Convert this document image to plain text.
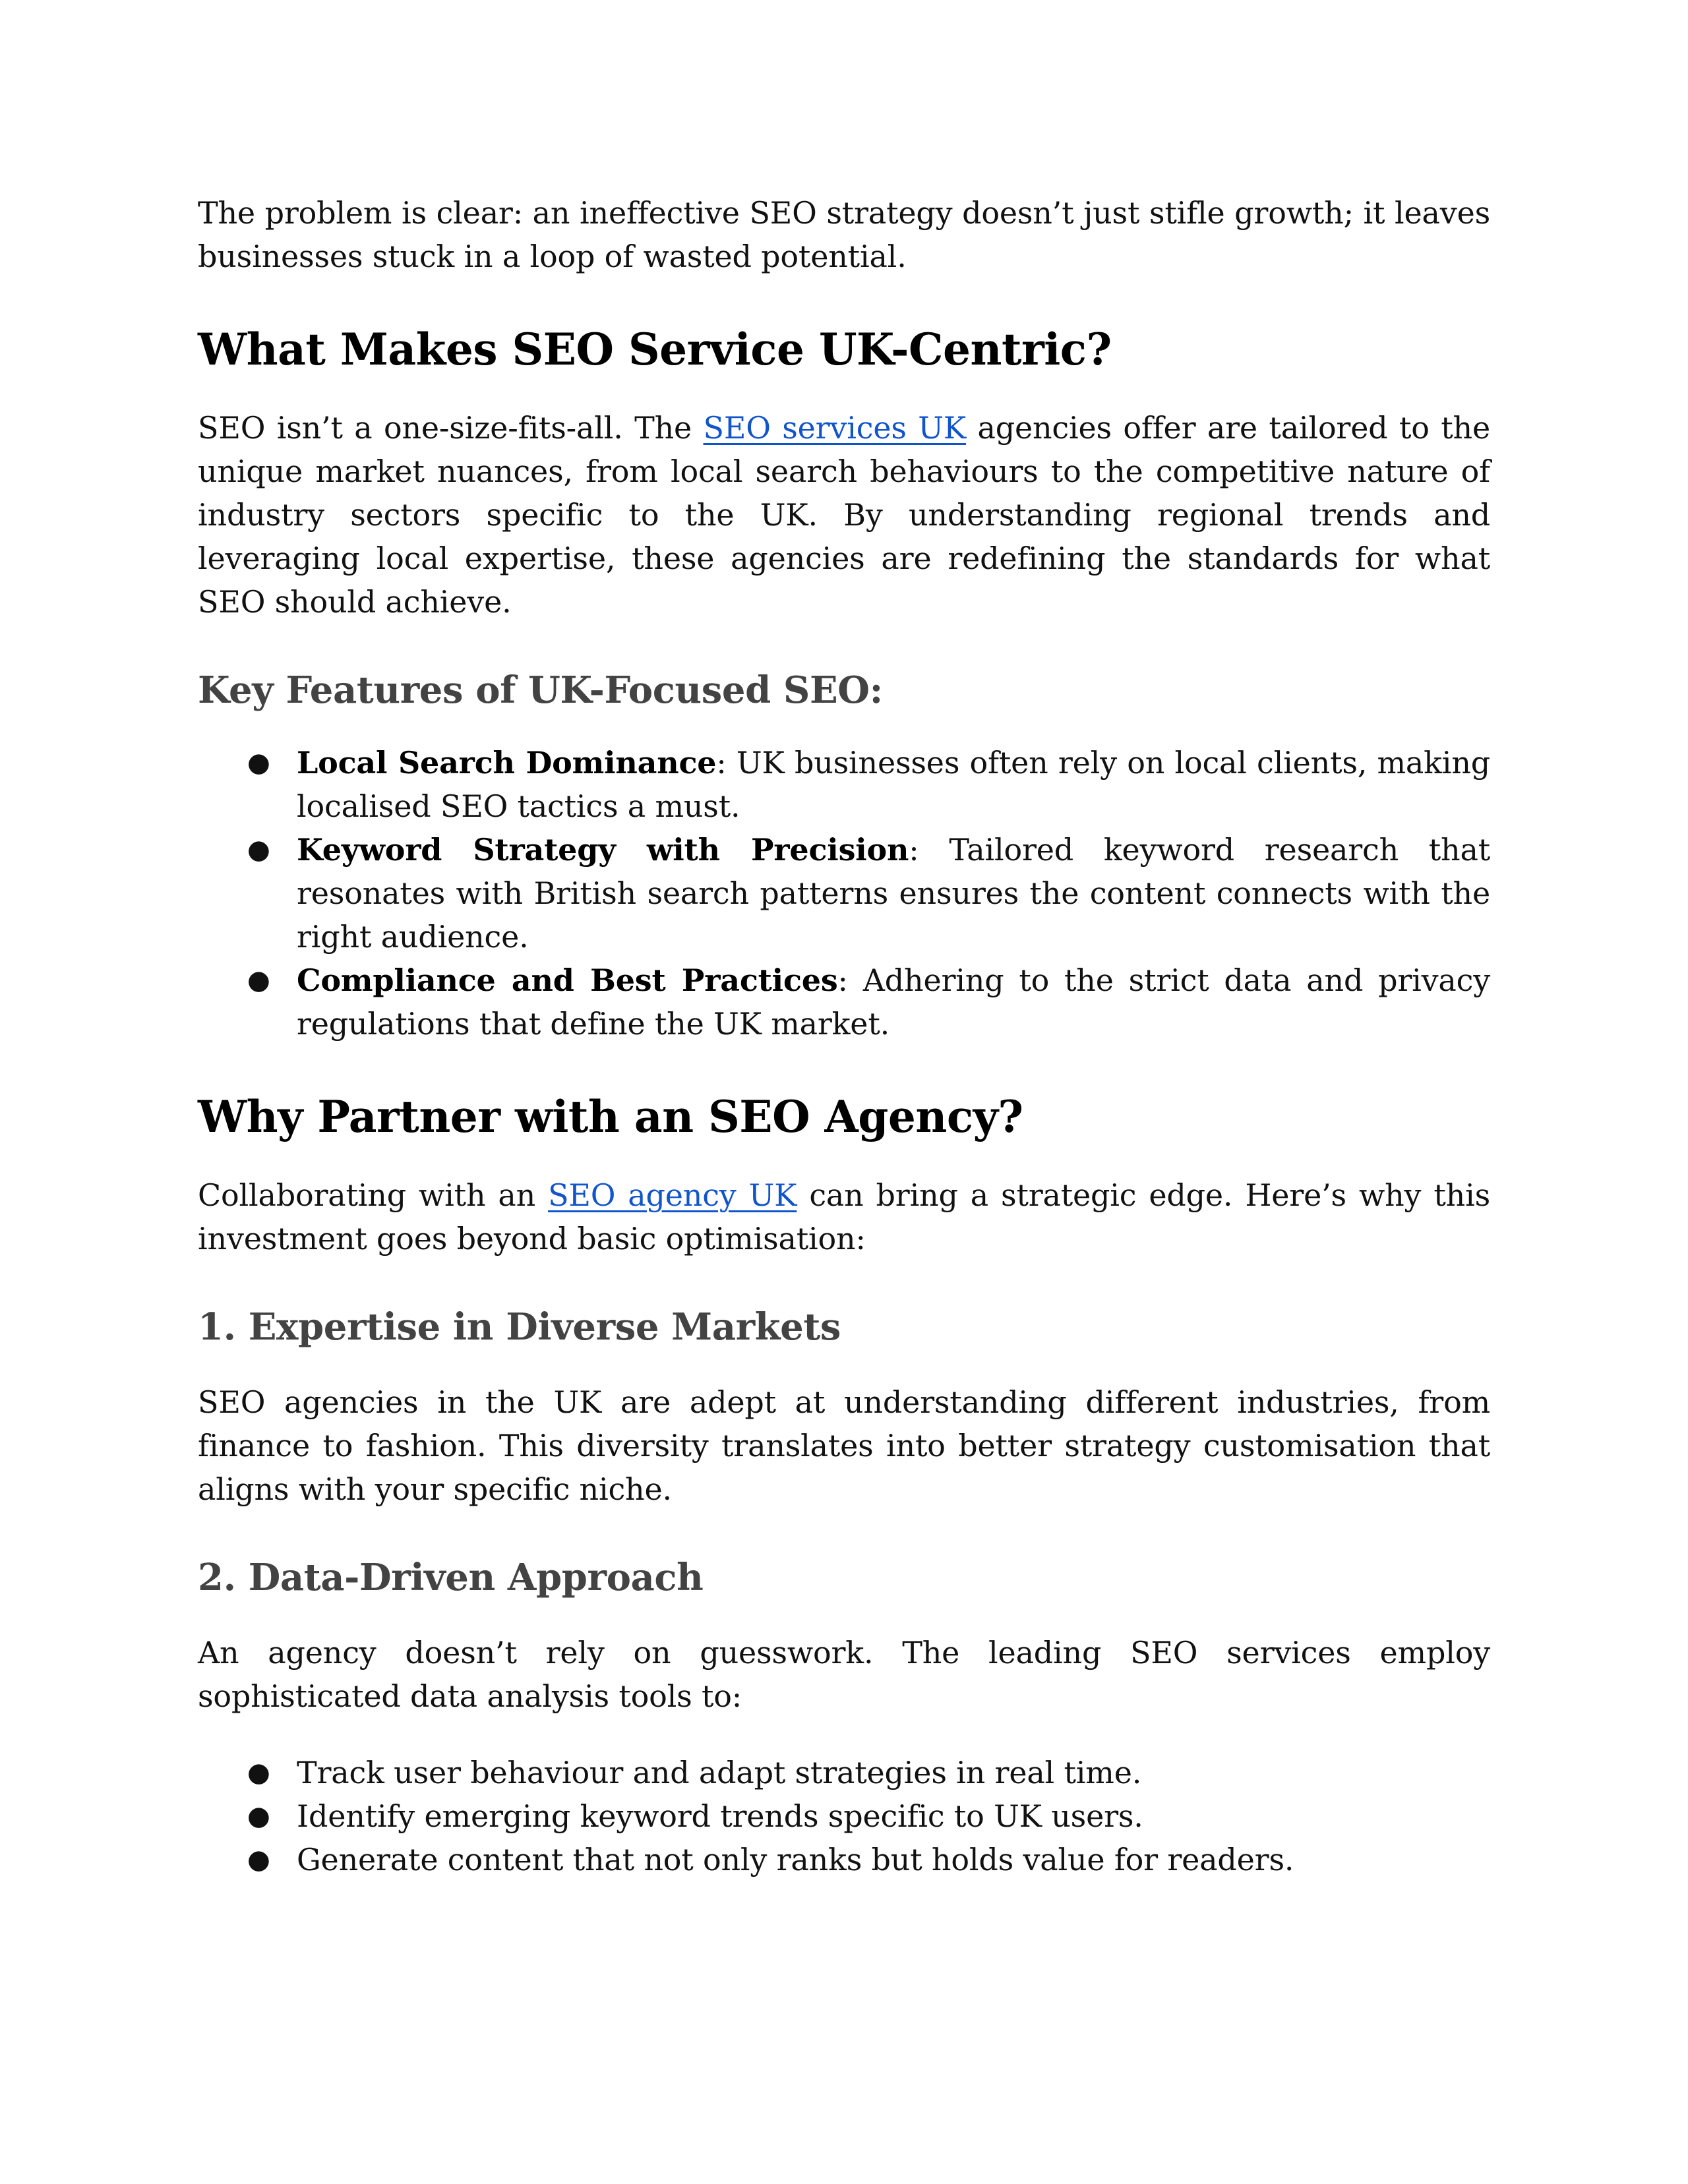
The problem is clear: an ineffective SEO strategy doesn’t just stifle growth; it leaves businesses stuck in a loop of wasted potential.

What Makes SEO Service UK-Centric?

SEO isn’t a one-size-fits-all. The SEO services UK agencies offer are tailored to the unique market nuances, from local search behaviours to the competitive nature of industry sectors specific to the UK. By understanding regional trends and leveraging local expertise, these agencies are redefining the standards for what SEO should achieve.

Key Features of UK-Focused SEO:
● Local Search Dominance: UK businesses often rely on local clients, making localised SEO tactics a must.
● Keyword Strategy with Precision: Tailored keyword research that resonates with British search patterns ensures the content connects with the right audience.
● Compliance and Best Practices: Adhering to the strict data and privacy regulations that define the UK market.
Why Partner with an SEO Agency?

Collaborating with an SEO agency UK can bring a strategic edge. Here’s why this investment goes beyond basic optimisation:

1. Expertise in Diverse Markets

SEO agencies in the UK are adept at understanding different industries, from finance to fashion. This diversity translates into better strategy customisation that aligns with your specific niche.

2. Data-Driven Approach

An agency doesn’t rely on guesswork. The leading SEO services employ sophisticated data analysis tools to:

● Track user behaviour and adapt strategies in real time.
● Identify emerging keyword trends specific to UK users.
● Generate content that not only ranks but holds value for readers.
